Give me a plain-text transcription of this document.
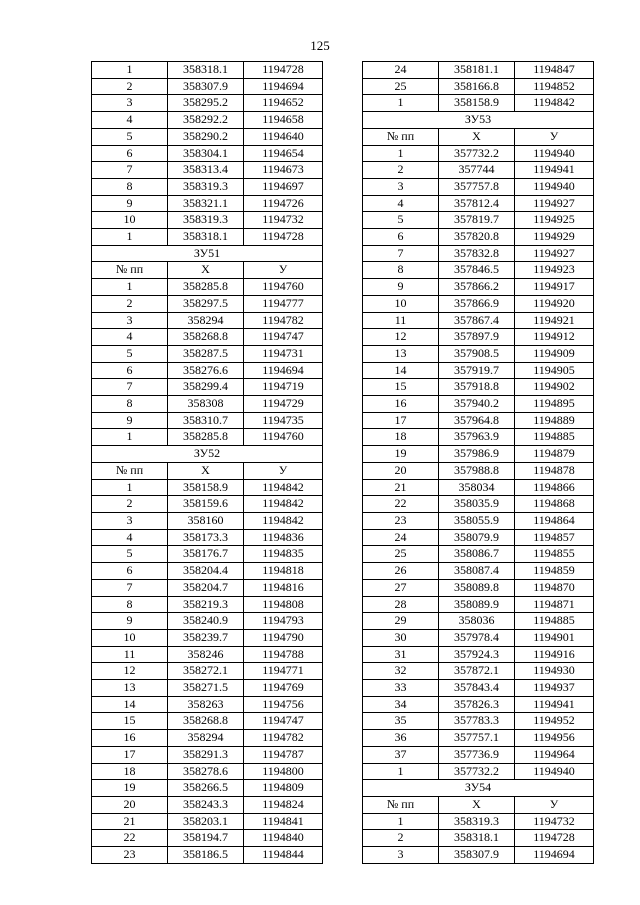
125
1	358318.1	1194728
2	358307.9	1194694
3	358295.2	1194652
4	358292.2	1194658
5	358290.2	1194640
6	358304.1	1194654
7	358313.4	1194673
8	358319.3	1194697
9	358321.1	1194726
10	358319.3	1194732
1	358318.1	1194728
ЗУ51		
№ пп	X	У
1	358285.8	1194760
2	358297.5	1194777
3	358294	1194782
4	358268.8	1194747
5	358287.5	1194731
6	358276.6	1194694
7	358299.4	1194719
8	358308	1194729
9	358310.7	1194735
1	358285.8	1194760
ЗУ52		
№ пп	X	У
1	358158.9	1194842
2	358159.6	1194842
3	358160	1194842
4	358173.3	1194836
5	358176.7	1194835
6	358204.4	1194818
7	358204.7	1194816
8	358219.3	1194808
9	358240.9	1194793
10	358239.7	1194790
11	358246	1194788
12	358272.1	1194771
13	358271.5	1194769
14	358263	1194756
15	358268.8	1194747
16	358294	1194782
17	358291.3	1194787
18	358278.6	1194800
19	358266.5	1194809
20	358243.3	1194824
21	358203.1	1194841
22	358194.7	1194840
23	358186.5	1194844
24	358181.1	1194847
25	358166.8	1194852
1	358158.9	1194842
ЗУ53		
№ пп	X	У
1	357732.2	1194940
2	357744	1194941
3	357757.8	1194940
4	357812.4	1194927
5	357819.7	1194925
6	357820.8	1194929
7	357832.8	1194927
8	357846.5	1194923
9	357866.2	1194917
10	357866.9	1194920
11	357867.4	1194921
12	357897.9	1194912
13	357908.5	1194909
14	357919.7	1194905
15	357918.8	1194902
16	357940.2	1194895
17	357964.8	1194889
18	357963.9	1194885
19	357986.9	1194879
20	357988.8	1194878
21	358034	1194866
22	358035.9	1194868
23	358055.9	1194864
24	358079.9	1194857
25	358086.7	1194855
26	358087.4	1194859
27	358089.8	1194870
28	358089.9	1194871
29	358036	1194885
30	357978.4	1194901
31	357924.3	1194916
32	357872.1	1194930
33	357843.4	1194937
34	357826.3	1194941
35	357783.3	1194952
36	357757.1	1194956
37	357736.9	1194964
1	357732.2	1194940
ЗУ54		
№ пп	X	У
1	358319.3	1194732
2	358318.1	1194728
3	358307.9	1194694
